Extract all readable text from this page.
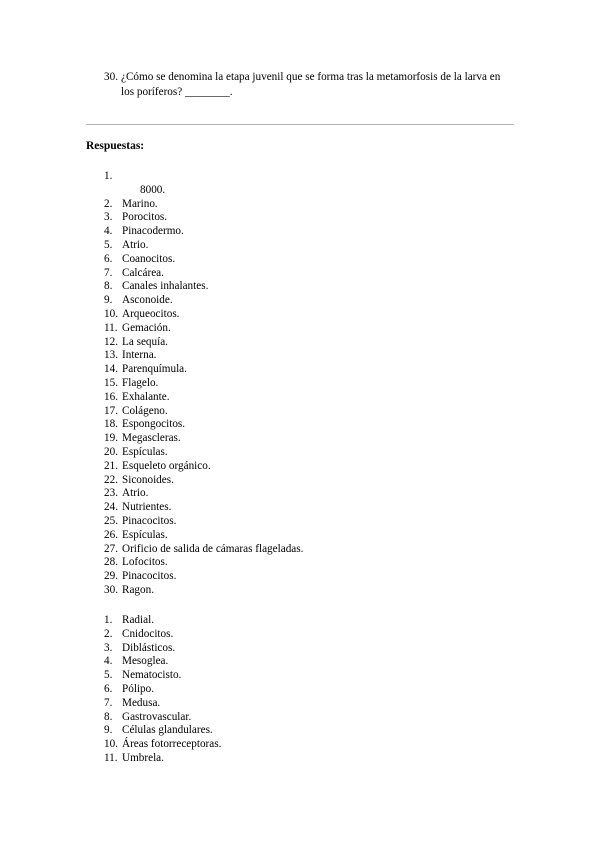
30. ¿Cómo se denomina la etapa juvenil que se forma tras la metamorfosis de la larva en los poríferos? ________.
Respuestas:
1.
8000.
2. Marino.
3. Porocitos.
4. Pinacodermo.
5. Atrio.
6. Coanocitos.
7. Calcárea.
8. Canales inhalantes.
9. Asconoide.
10. Arqueocitos.
11. Gemación.
12. La sequía.
13. Interna.
14. Parenquímula.
15. Flagelo.
16. Exhalante.
17. Colágeno.
18. Espongocitos.
19. Megascleras.
20. Espículas.
21. Esqueleto orgánico.
22. Siconoides.
23. Atrio.
24. Nutrientes.
25. Pinacocitos.
26. Espículas.
27. Orificio de salida de cámaras flageladas.
28. Lofocitos.
29. Pinacocitos.
30. Ragon.
1. Radial.
2. Cnidocitos.
3. Diblásticos.
4. Mesoglea.
5. Nematocisto.
6. Pólipo.
7. Medusa.
8. Gastrovascular.
9. Células glandulares.
10. Áreas fotorreceptoras.
11. Umbrela.
